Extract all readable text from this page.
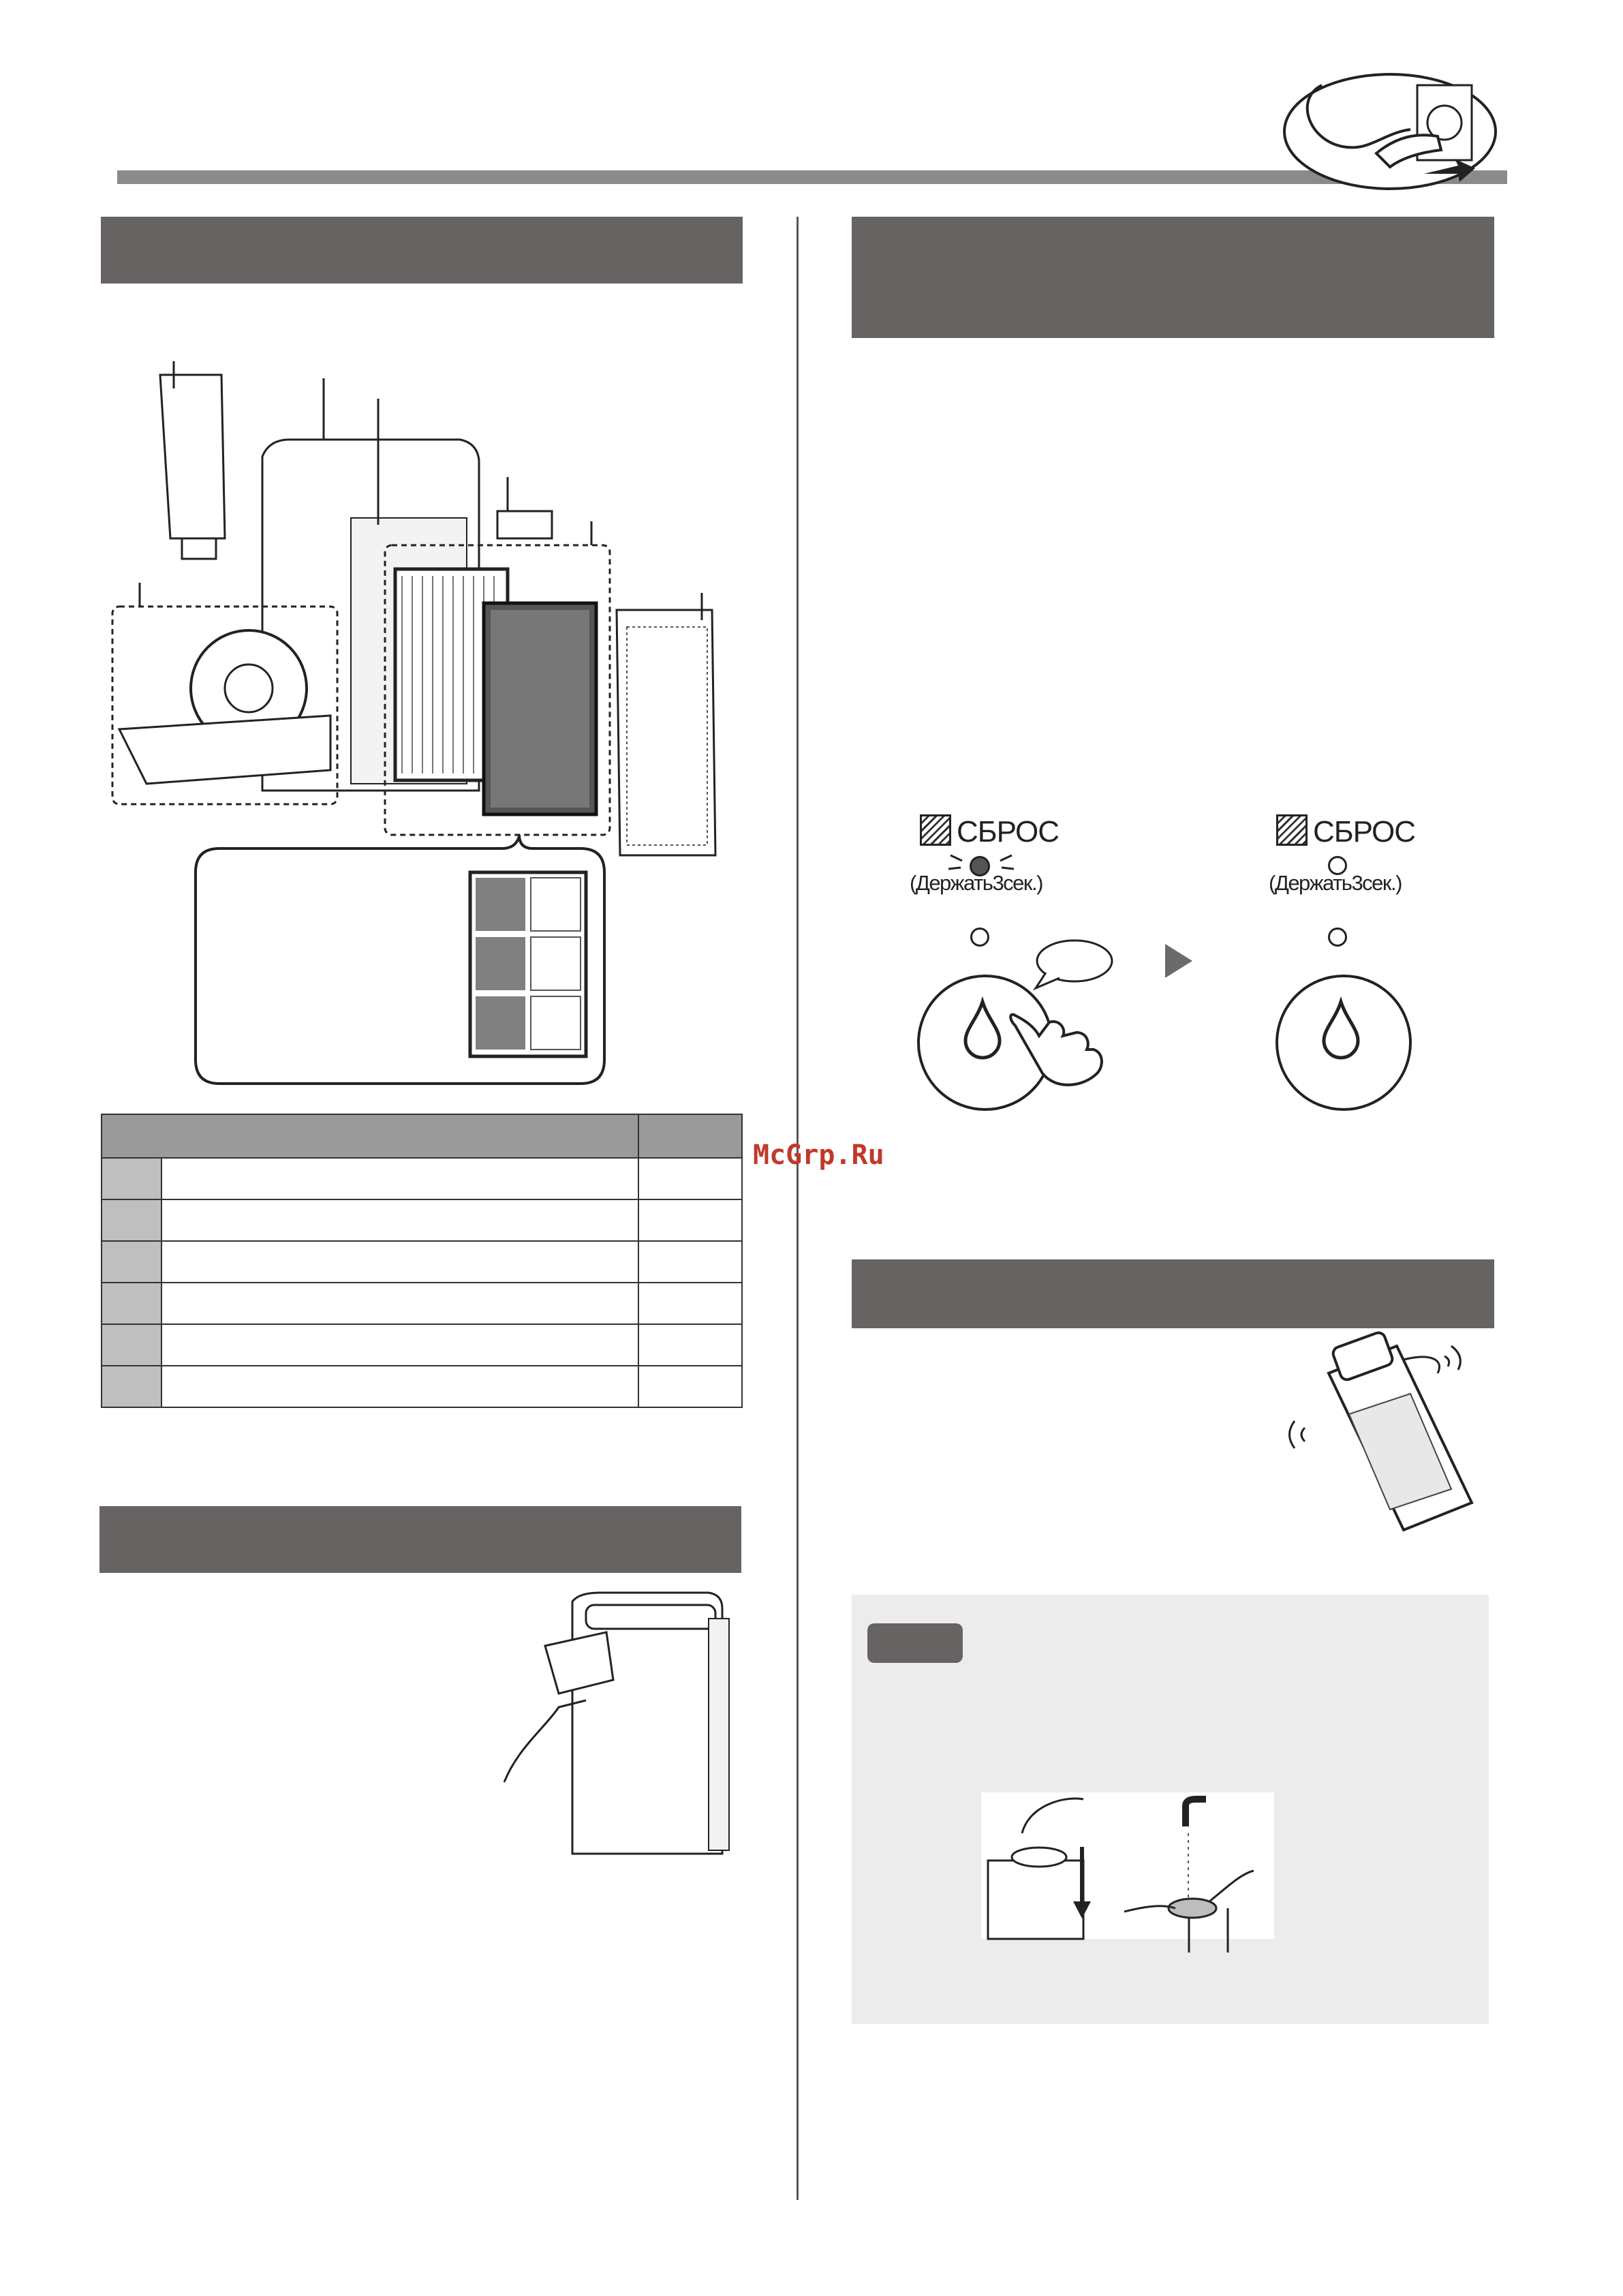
McGrp.Ru
СБРОС
(Держать3сек.)
СБРОС
(Держать3сек.)
